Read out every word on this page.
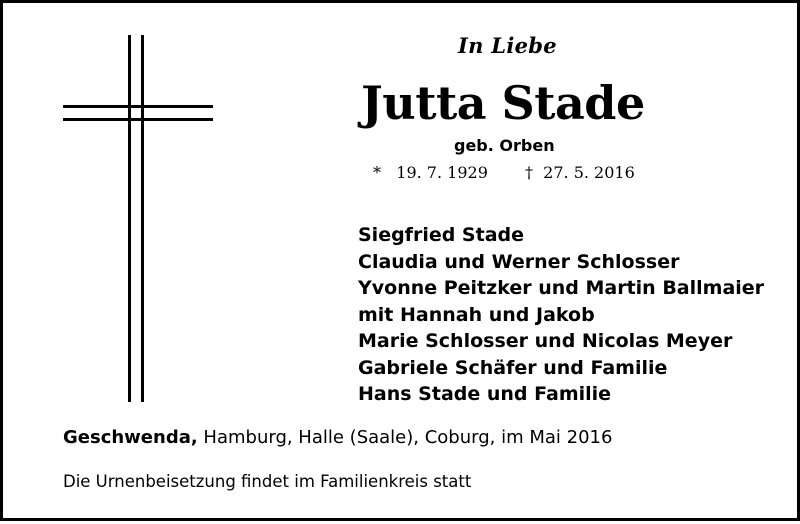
In Liebe
Jutta Stade
geb. Orben
* 19. 7. 1929 † 27. 5. 2016
Siegfried Stade
Claudia und Werner Schlosser
Yvonne Peitzker und Martin Ballmaier
mit Hannah und Jakob
Marie Schlosser und Nicolas Meyer
Gabriele Schäfer und Familie
Hans Stade und Familie
Geschwenda, Hamburg, Halle (Saale), Coburg, im Mai 2016
Die Urnenbeisetzung findet im Familienkreis statt
